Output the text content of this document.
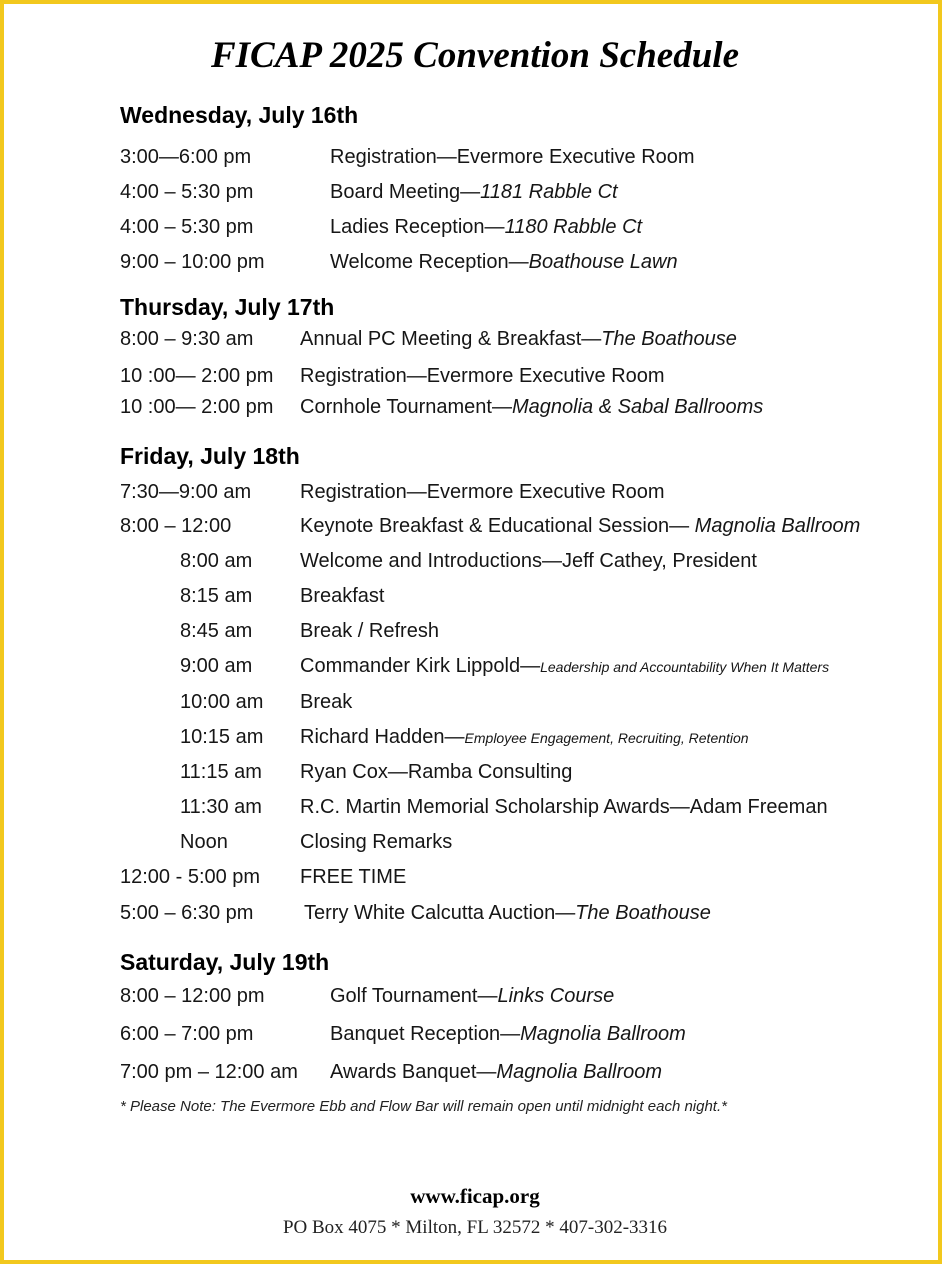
FICAP 2025 Convention Schedule
Wednesday, July 16th
3:00—6:00 pm	Registration—Evermore Executive Room
4:00 – 5:30 pm	Board Meeting—1181 Rabble Ct
4:00 – 5:30 pm	Ladies Reception—1180 Rabble Ct
9:00 – 10:00 pm	Welcome Reception—Boathouse Lawn
Thursday, July 17th
8:00 – 9:30 am Annual PC Meeting & Breakfast—The Boathouse
10 :00— 2:00 pm Registration—Evermore Executive Room
10 :00— 2:00 pm Cornhole Tournament—Magnolia & Sabal Ballrooms
Friday, July 18th
7:30—9:00 am Registration—Evermore Executive Room
8:00 – 12:00	Keynote Breakfast & Educational Session— Magnolia Ballroom
8:00 am Welcome and Introductions—Jeff Cathey, President
8:15 am Breakfast
8:45 am Break / Refresh
9:00 am Commander Kirk Lippold—Leadership and Accountability When It Matters
10:00 am Break
10:15 am Richard Hadden—Employee Engagement, Recruiting, Retention
11:15 am Ryan Cox—Ramba Consulting
11:30 am R.C. Martin Memorial Scholarship Awards—Adam Freeman
Noon	Closing Remarks
12:00 - 5:00 pm FREE TIME
5:00 – 6:30 pm	Terry White Calcutta Auction—The Boathouse
Saturday, July 19th
8:00 – 12:00 pm	Golf Tournament—Links Course
6:00 – 7:00 pm	Banquet Reception—Magnolia Ballroom
7:00 pm – 12:00 am Awards Banquet—Magnolia Ballroom
* Please Note: The Evermore Ebb and Flow Bar will remain open until midnight each night.*
www.ficap.org
PO Box 4075 * Milton, FL 32572 * 407-302-3316
